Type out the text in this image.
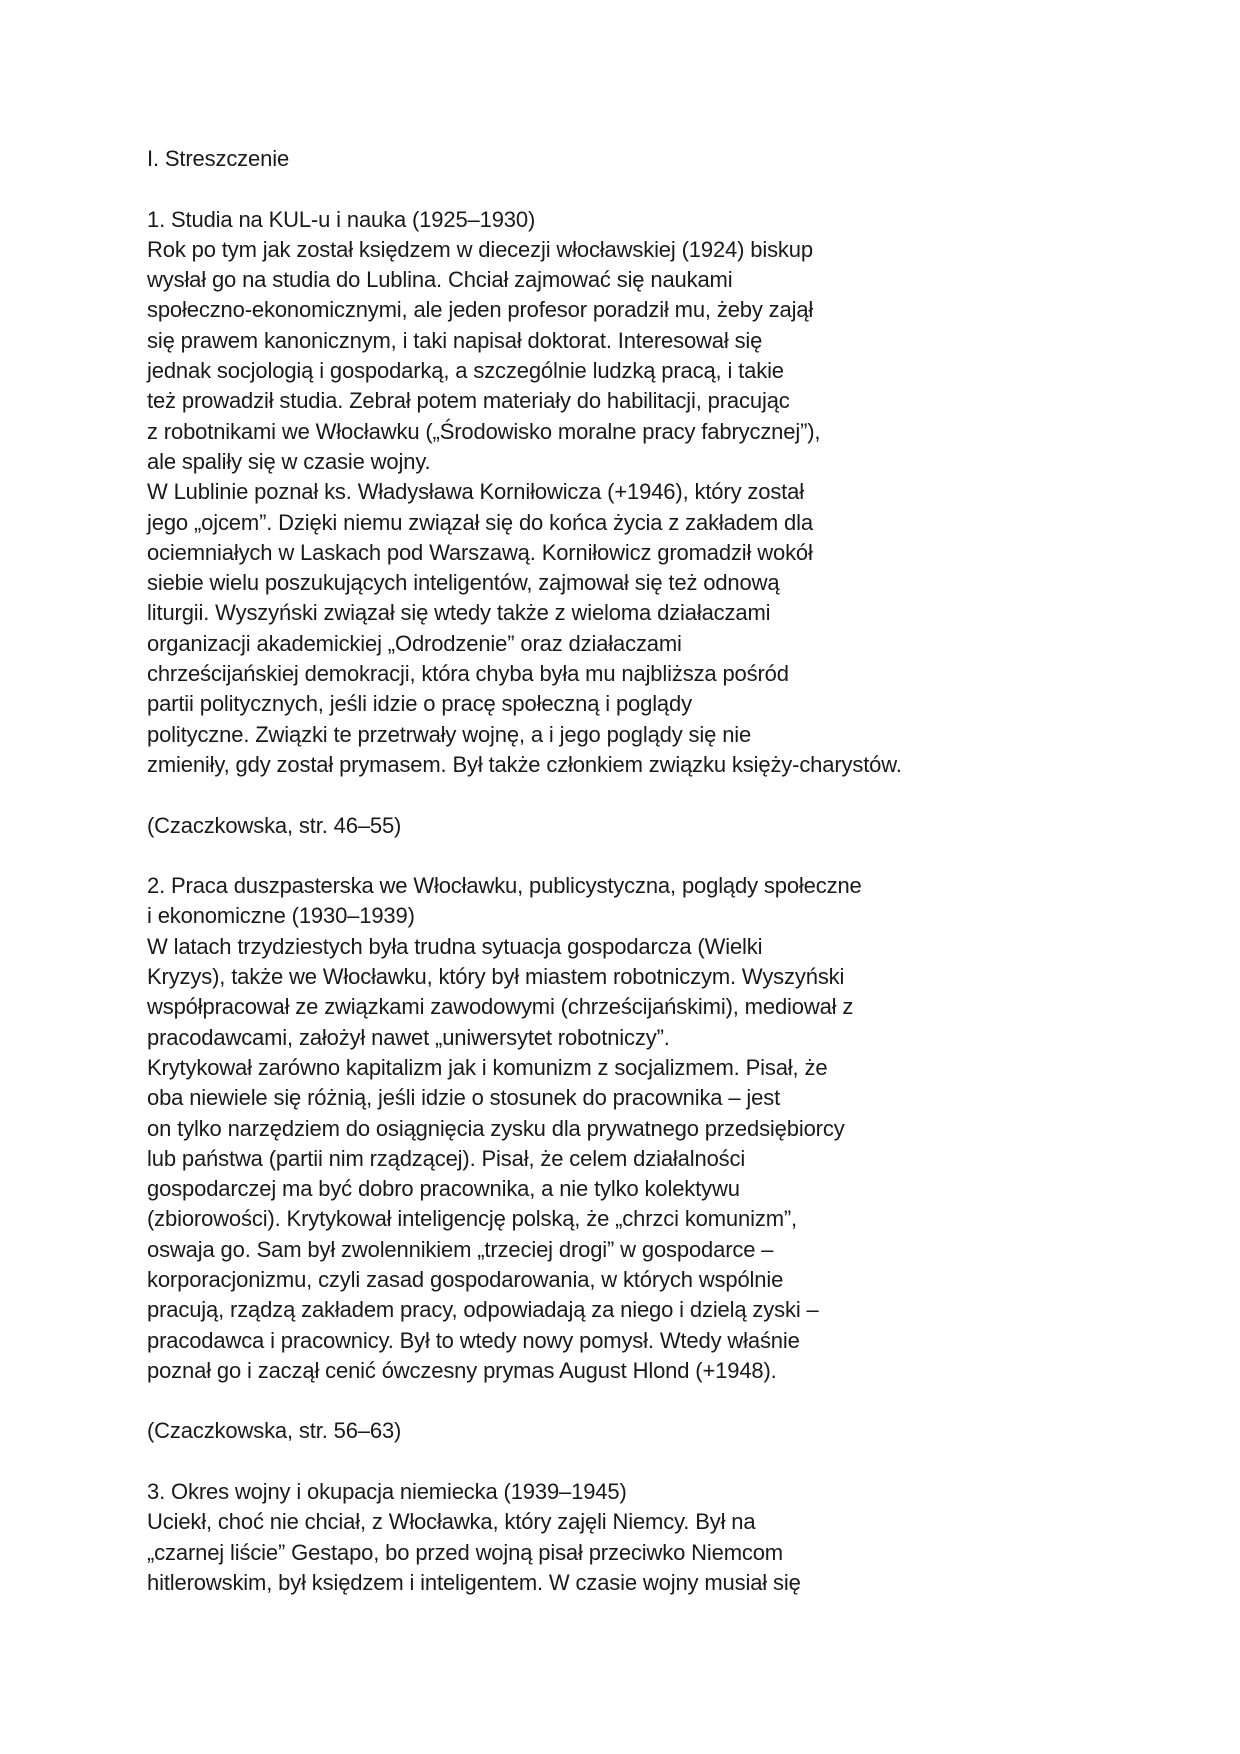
I. Streszczenie
1. Studia na KUL-u i nauka (1925–1930)
Rok po tym jak został księdzem w diecezji włocławskiej (1924) biskup
wysłał go na studia do Lublina. Chciał zajmować się naukami
społeczno-ekonomicznymi, ale jeden profesor poradził mu, żeby zajął
się prawem kanonicznym, i taki napisał doktorat. Interesował się
jednak socjologią i gospodarką, a szczególnie ludzką pracą, i takie
też prowadził studia. Zebrał potem materiały do habilitacji, pracując
z robotnikami we Włocławku („Środowisko moralne pracy fabrycznej”),
ale spaliły się w czasie wojny.
W Lublinie poznał ks. Władysława Korniłowicza (+1946), który został
jego „ojcem”. Dzięki niemu związał się do końca życia z zakładem dla
ociemniałych w Laskach pod Warszawą. Korniłowicz gromadził wokół
siebie wielu poszukujących inteligentów, zajmował się też odnową
liturgii. Wyszyński związał się wtedy także z wieloma działaczami
organizacji akademickiej „Odrodzenie” oraz działaczami
chrześcijańskiej demokracji, która chyba była mu najbliższa pośród
partii politycznych, jeśli idzie o pracę społeczną i poglądy
polityczne. Związki te przetrwały wojnę, a i jego poglądy się nie
zmieniły, gdy został prymasem. Był także członkiem związku księży-charystów.
(Czaczkowska, str. 46–55)
2. Praca duszpasterska we Włocławku, publicystyczna, poglądy społeczne
i ekonomiczne (1930–1939)
W latach trzydziestych była trudna sytuacja gospodarcza (Wielki
Kryzys), także we Włocławku, który był miastem robotniczym. Wyszyński
współpracował ze związkami zawodowymi (chrześcijańskimi), mediował z
pracodawcami, założył nawet „uniwersytet robotniczy”.
Krytykował zarówno kapitalizm jak i komunizm z socjalizmem. Pisał, że
oba niewiele się różnią, jeśli idzie o stosunek do pracownika – jest
on tylko narzędziem do osiągnięcia zysku dla prywatnego przedsiębiorcy
lub państwa (partii nim rządzącej). Pisał, że celem działalności
gospodarczej ma być dobro pracownika, a nie tylko kolektywu
(zbiorowości). Krytykował inteligencję polską, że „chrzci komunizm”,
oswaja go. Sam był zwolennikiem „trzeciej drogi” w gospodarce –
korporacjonizmu, czyli zasad gospodarowania, w których wspólnie
pracują, rządzą zakładem pracy, odpowiadają za niego i dzielą zyski –
pracodawca i pracownicy. Był to wtedy nowy pomysł. Wtedy właśnie
poznał go i zaczął cenić ówczesny prymas August Hlond (+1948).
(Czaczkowska, str. 56–63)
3. Okres wojny i okupacja niemiecka (1939–1945)
Uciekł, choć nie chciał, z Włocławka, który zajęli Niemcy. Był na
„czarnej liście” Gestapo, bo przed wojną pisał przeciwko Niemcom
hitlerowskim, był księdzem i inteligentem. W czasie wojny musiał się
